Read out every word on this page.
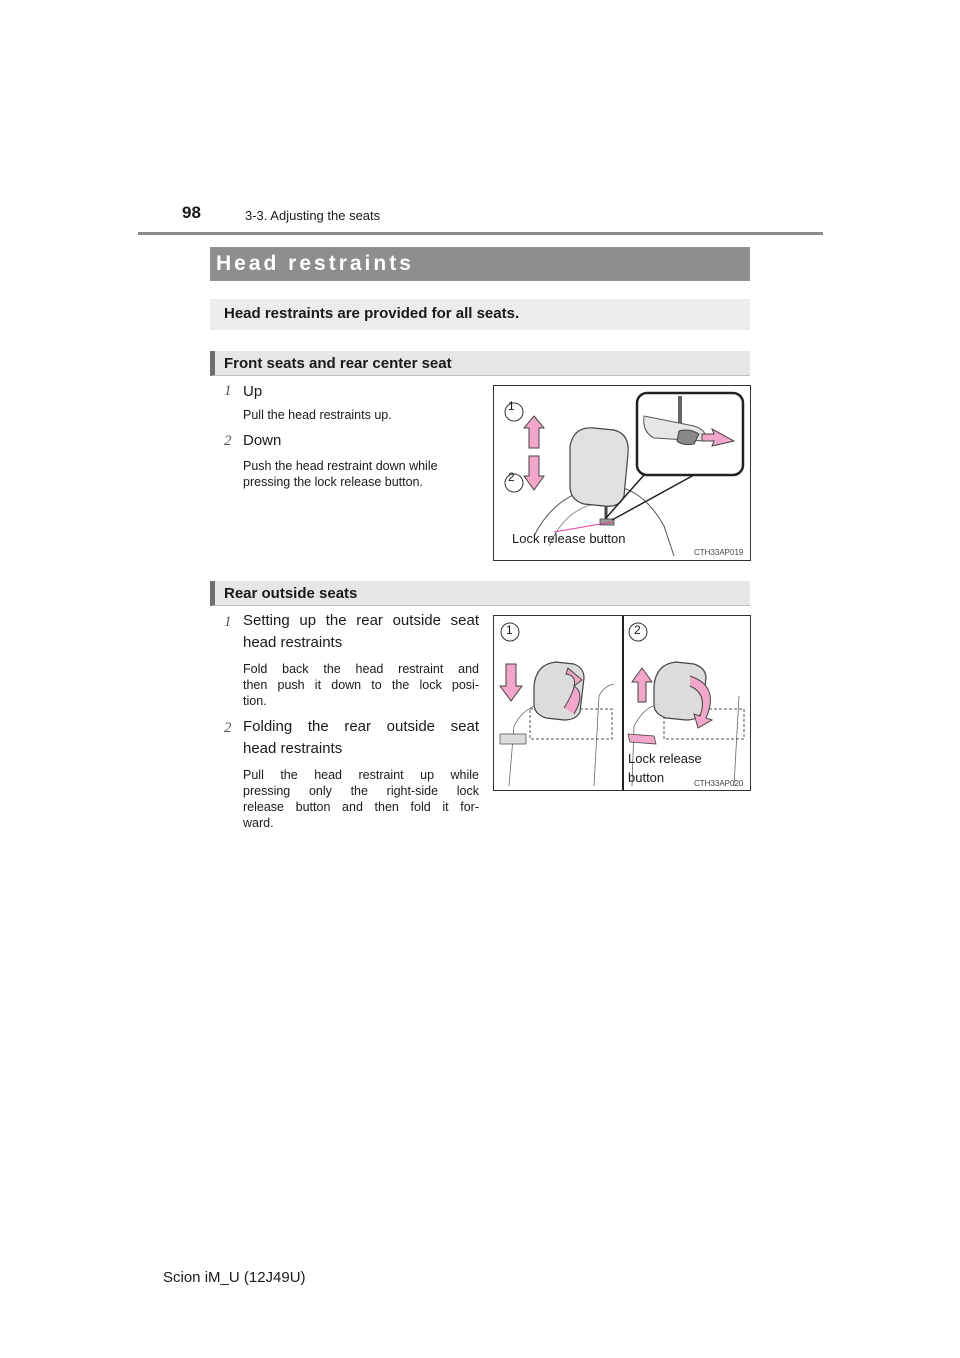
98	3-3. Adjusting the seats
Head restraints
Head restraints are provided for all seats.
Front seats and rear center seat
1 Up
Pull the head restraints up.
2 Down
Push the head restraint down while
pressing the lock release button.
1
2
Lock release button
CTH33AP019
Rear outside seats
1 Setting up the rear outside seat
head restraints
Fold back the head restraint and
then push it down to the lock posi-
tion.
2 Folding the rear outside seat
head restraints
Pull the head restraint up while
pressing only the right-side lock
release button and then fold it for-
ward.
1	2
Lock release
button	CTH33AP020
Scion iM_U (12J49U)
